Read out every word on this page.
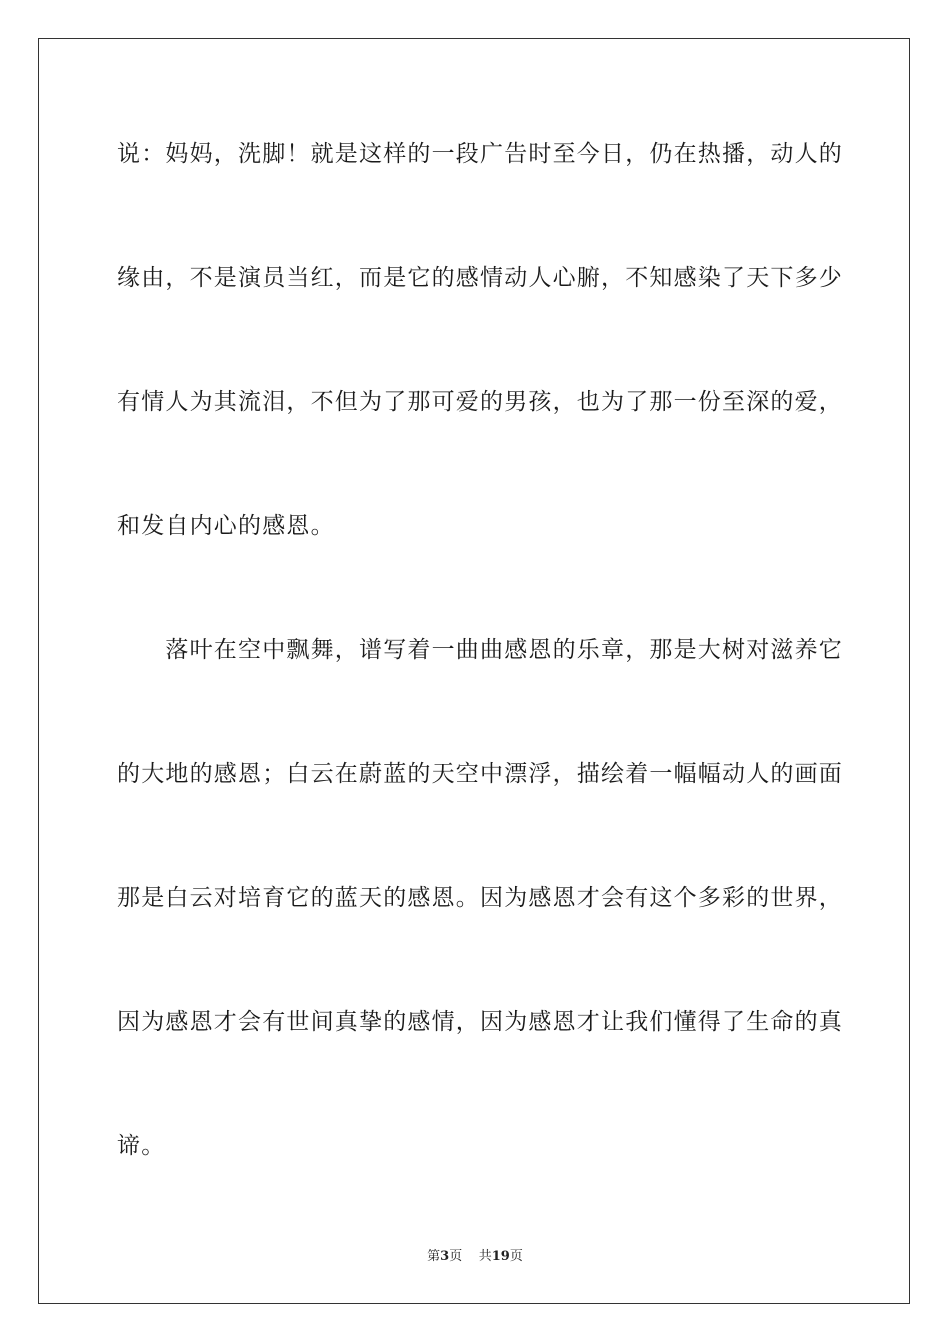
说：妈妈，洗脚！就是这样的一段广告时至今日，仍在热播，动人的
缘由，不是演员当红，而是它的感情动人心腑，不知感染了天下多少
有情人为其流泪，不但为了那可爱的男孩，也为了那一份至深的爱，
和发自内心的感恩。
　　落叶在空中飘舞，谱写着一曲曲感恩的乐章，那是大树对滋养它
的大地的感恩；白云在蔚蓝的天空中漂浮，描绘着一幅幅动人的画面
那是白云对培育它的蓝天的感恩。因为感恩才会有这个多彩的世界，
因为感恩才会有世间真挚的感情，因为感恩才让我们懂得了生命的真
谛。
第3页 共19页
